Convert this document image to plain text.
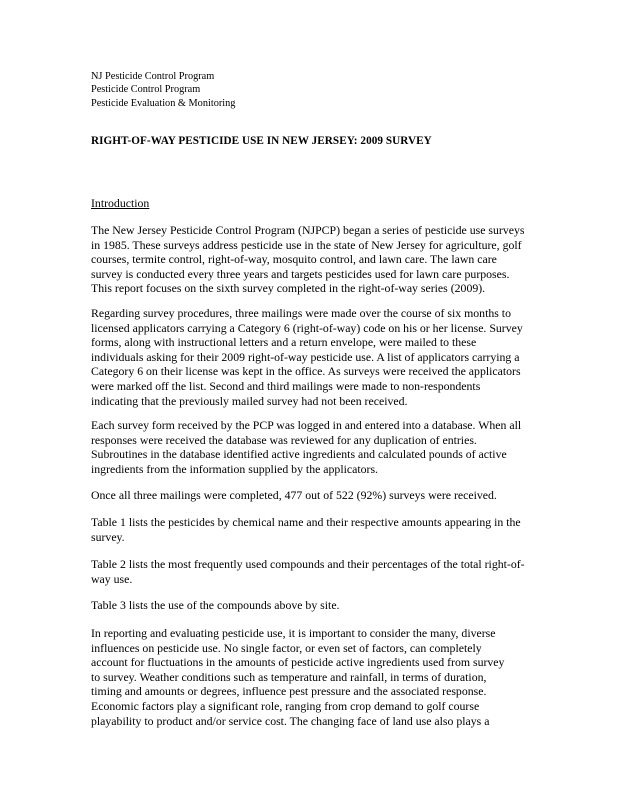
NJ Pesticide Control Program
Pesticide Control Program
Pesticide Evaluation & Monitoring
RIGHT-OF-WAY PESTICIDE USE IN NEW JERSEY: 2009 SURVEY
Introduction
The New Jersey Pesticide Control Program (NJPCP) began a series of pesticide use surveys
in 1985. These surveys address pesticide use in the state of New Jersey for agriculture, golf
courses, termite control, right-of-way, mosquito control, and lawn care. The lawn care
survey is conducted every three years and targets pesticides used for lawn care purposes.
This report focuses on the sixth survey completed in the right-of-way series (2009).
Regarding survey procedures, three mailings were made over the course of six months to
licensed applicators carrying a Category 6 (right-of-way) code on his or her license. Survey
forms, along with instructional letters and a return envelope, were mailed to these
individuals asking for their 2009 right-of-way pesticide use. A list of applicators carrying a
Category 6 on their license was kept in the office. As surveys were received the applicators
were marked off the list. Second and third mailings were made to non-respondents
indicating that the previously mailed survey had not been received.
Each survey form received by the PCP was logged in and entered into a database. When all
responses were received the database was reviewed for any duplication of entries.
Subroutines in the database identified active ingredients and calculated pounds of active
ingredients from the information supplied by the applicators.
Once all three mailings were completed, 477 out of 522 (92%) surveys were received.
Table 1 lists the pesticides by chemical name and their respective amounts appearing in the
survey.
Table 2 lists the most frequently used compounds and their percentages of the total right-of-
way use.
Table 3 lists the use of the compounds above by site.
In reporting and evaluating pesticide use, it is important to consider the many, diverse
influences on pesticide use. No single factor, or even set of factors, can completely
account for fluctuations in the amounts of pesticide active ingredients used from survey
to survey. Weather conditions such as temperature and rainfall, in terms of duration,
timing and amounts or degrees, influence pest pressure and the associated response.
Economic factors play a significant role, ranging from crop demand to golf course
playability to product and/or service cost. The changing face of land use also plays a
